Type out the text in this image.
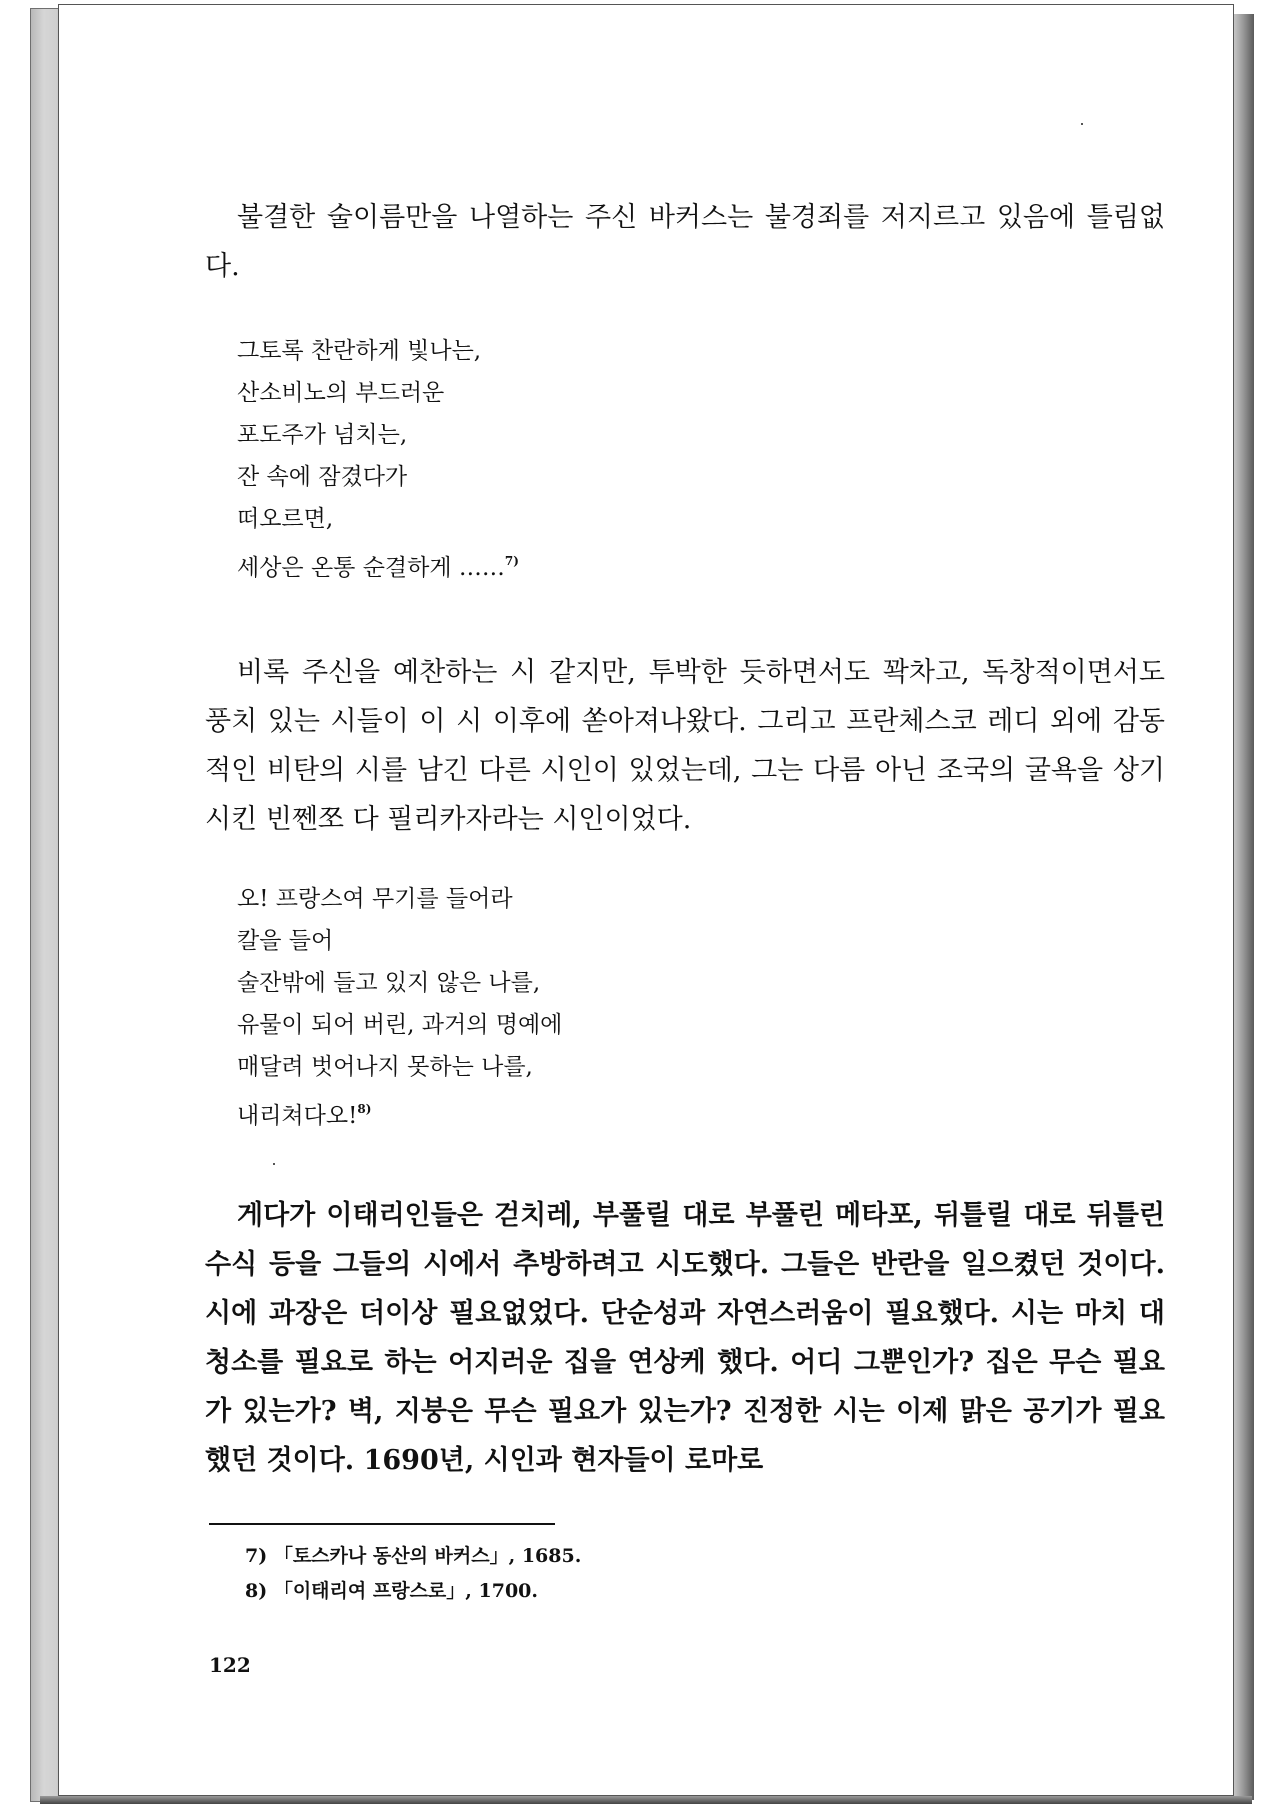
불결한 술이름만을 나열하는 주신 바커스는 불경죄를 저지르고 있음에 틀림없다.

그토록 찬란하게 빛나는,
산소비노의 부드러운
포도주가 넘치는,
잔 속에 잠겼다가
떠오르면,
세상은 온통 순결하게 ……$^{7)}$

비록 주신을 예찬하는 시 같지만, 투박한 듯하면서도 꽉차고, 독창적이면서도 풍치 있는 시들이 이 시 이후에 쏟아져나왔다. 그리고 프란체스코 레디 외에 감동적인 비탄의 시를 남긴 다른 시인이 있었는데, 그는 다름 아닌 조국의 굴욕을 상기시킨 빈쩬쪼 다 필리카자라는 시인이었다.

오! 프랑스여 무기를 들어라
칼을 들어
술잔밖에 들고 있지 않은 나를,
유물이 되어 버린, 과거의 명예에
매달려 벗어나지 못하는 나를,
내리쳐다오!$^{8)}$

게다가 이태리인들은 걷치레, 부풀릴 대로 부풀린 메타포, 뒤틀릴 대로 뒤틀린 수식 등을 그들의 시에서 추방하려고 시도했다. 그들은 반란을 일으켰던 것이다. 시에 과장은 더이상 필요없었다. 단순성과 자연스러움이 필요했다. 시는 마치 대청소를 필요로 하는 어지러운 집을 연상케 했다. 어디 그뿐인가? 집은 무슨 필요가 있는가? 벽, 지붕은 무슨 필요가 있는가? 진정한 시는 이제 맑은 공기가 필요했던 것이다. 1690년, 시인과 현자들이 로마로

7) 「토스카나 동산의 바커스」, 1685.
8) 「이태리여 프랑스로」, 1700.
122
